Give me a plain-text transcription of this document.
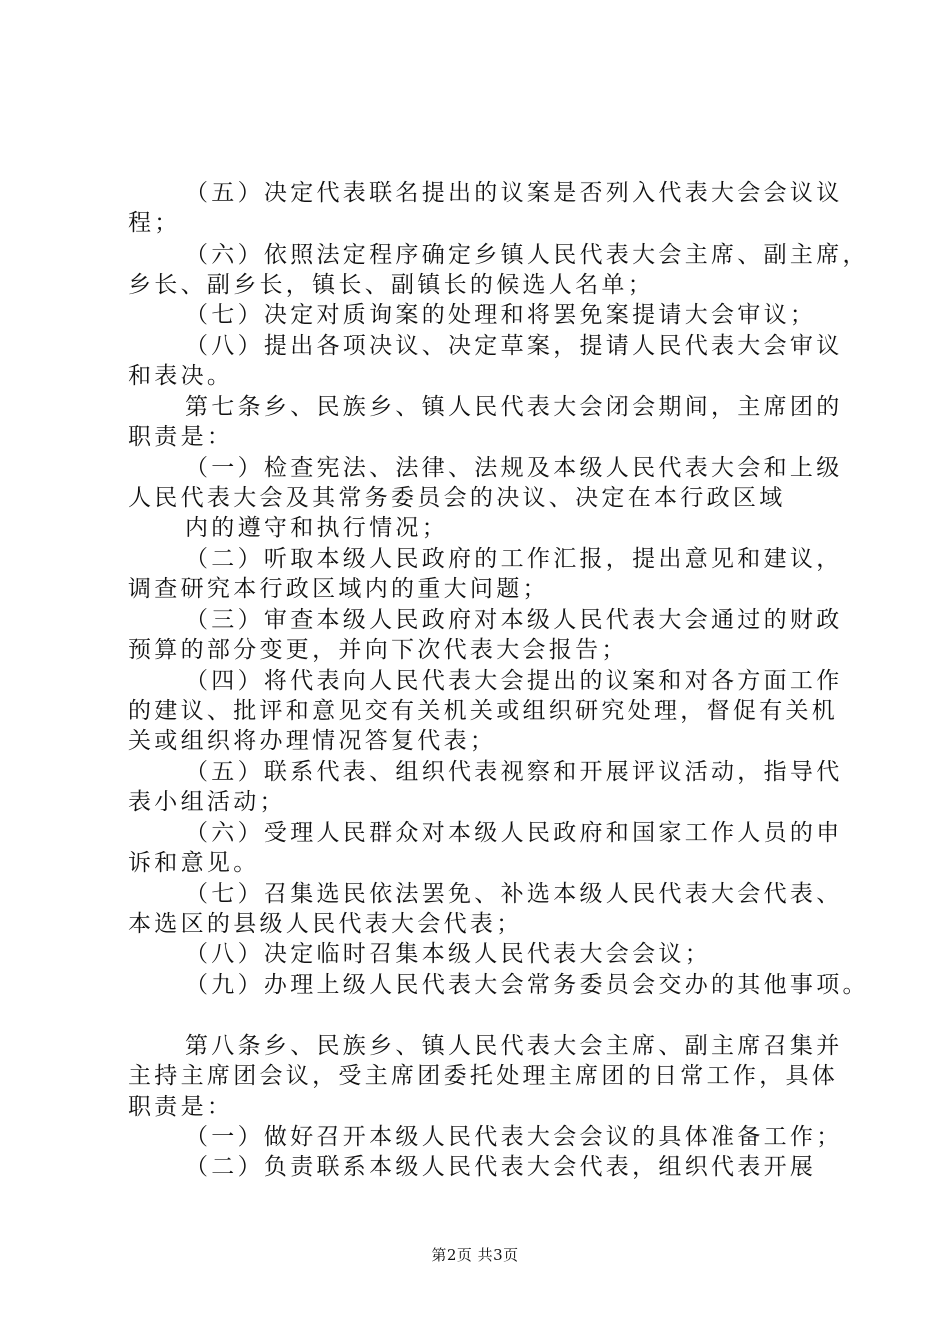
（五）决定代表联名提出的议案是否列入代表大会会议议
程；
（六）依照法定程序确定乡镇人民代表大会主席、副主席，
乡长、副乡长，镇长、副镇长的候选人名单；
（七）决定对质询案的处理和将罢免案提请大会审议；
（八）提出各项决议、决定草案，提请人民代表大会审议
和表决。
第七条乡、民族乡、镇人民代表大会闭会期间，主席团的
职责是：
（一）检查宪法、法律、法规及本级人民代表大会和上级
人民代表大会及其常务委员会的决议、决定在本行政区域
内的遵守和执行情况；
（二）听取本级人民政府的工作汇报，提出意见和建议，
调查研究本行政区域内的重大问题；
（三）审查本级人民政府对本级人民代表大会通过的财政
预算的部分变更，并向下次代表大会报告；
（四）将代表向人民代表大会提出的议案和对各方面工作
的建议、批评和意见交有关机关或组织研究处理，督促有关机
关或组织将办理情况答复代表；
（五）联系代表、组织代表视察和开展评议活动，指导代
表小组活动；
（六）受理人民群众对本级人民政府和国家工作人员的申
诉和意见。
（七）召集选民依法罢免、补选本级人民代表大会代表、
本选区的县级人民代表大会代表；
（八）决定临时召集本级人民代表大会会议；
（九）办理上级人民代表大会常务委员会交办的其他事项。
第八条乡、民族乡、镇人民代表大会主席、副主席召集并
主持主席团会议，受主席团委托处理主席团的日常工作，具体
职责是：
（一）做好召开本级人民代表大会会议的具体准备工作；
（二）负责联系本级人民代表大会代表，组织代表开展
第2页 共3页
